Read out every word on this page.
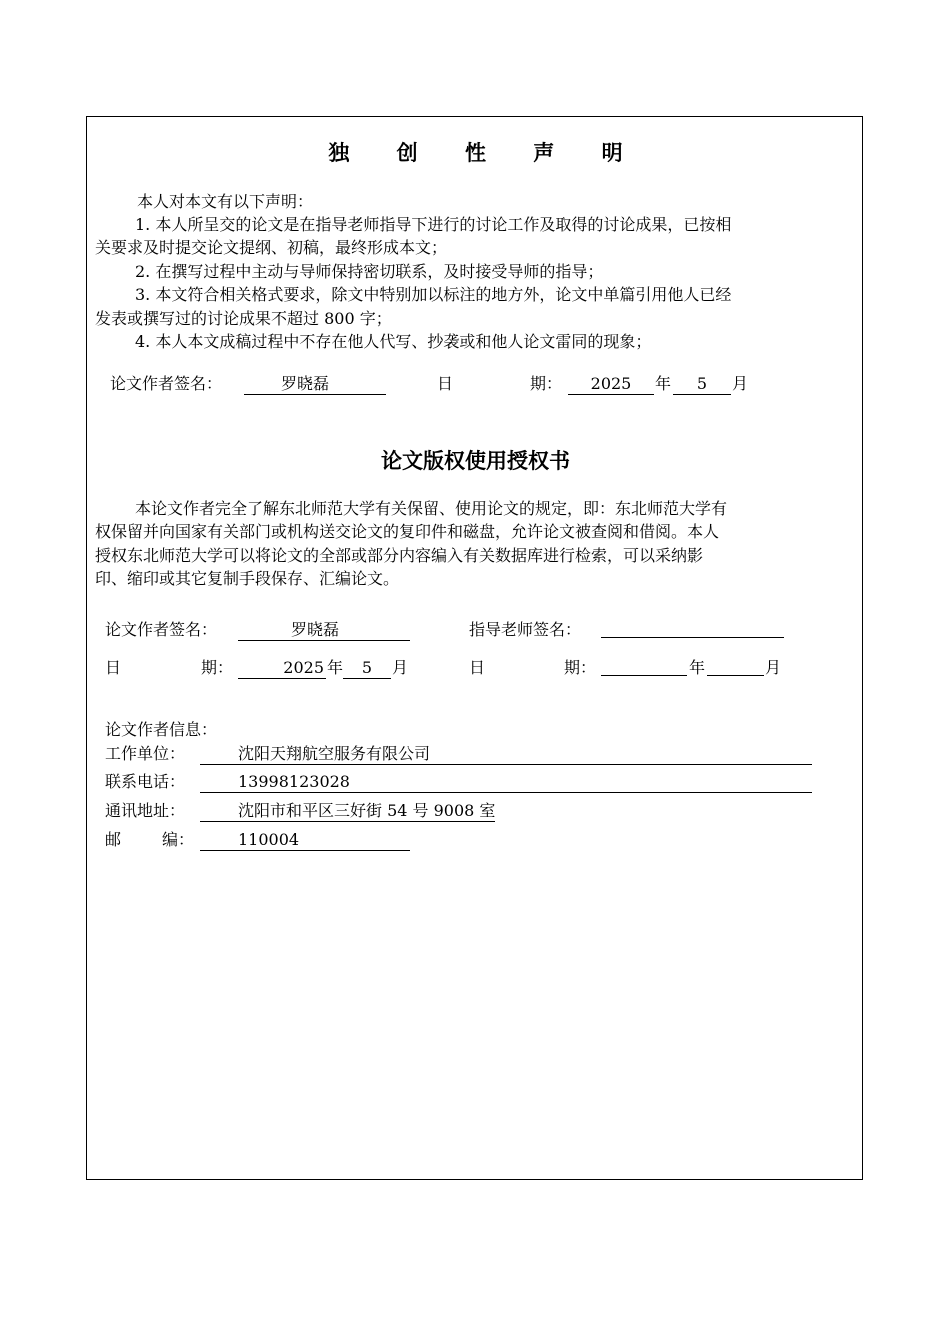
独 创 性 声 明
本人对本文有以下声明：
1. 本人所呈交的论文是在指导老师指导下进行的讨论工作及取得的讨论成果，已按相
关要求及时提交论文提纲、初稿，最终形成本文；
2. 在撰写过程中主动与导师保持密切联系，及时接受导师的指导；
3. 本文符合相关格式要求，除文中特别加以标注的地方外，论文中单篇引用他人已经
发表或撰写过的讨论成果不超过 800 字；
4. 本人本文成稿过程中不存在他人代写、抄袭或和他人论文雷同的现象；
论文作者签名：	罗晓磊	日	期：	2025	年	5	月
论文版权使用授权书
本论文作者完全了解东北师范大学有关保留、使用论文的规定，即：东北师范大学有
权保留并向国家有关部门或机构送交论文的复印件和磁盘，允许论文被查阅和借阅。本人
授权东北师范大学可以将论文的全部或部分内容编入有关数据库进行检索，可以采纳影
印、缩印或其它复制手段保存、汇编论文。
论文作者签名：	罗晓磊	指导老师签名：
日	期：	2025 年	5	月	日	期：	年	月
论文作者信息：
工作单位：	沈阳天翔航空服务有限公司
联系电话：	13998123028
通讯地址：	沈阳市和平区三好街 54 号 9008 室
邮	编：	110004
